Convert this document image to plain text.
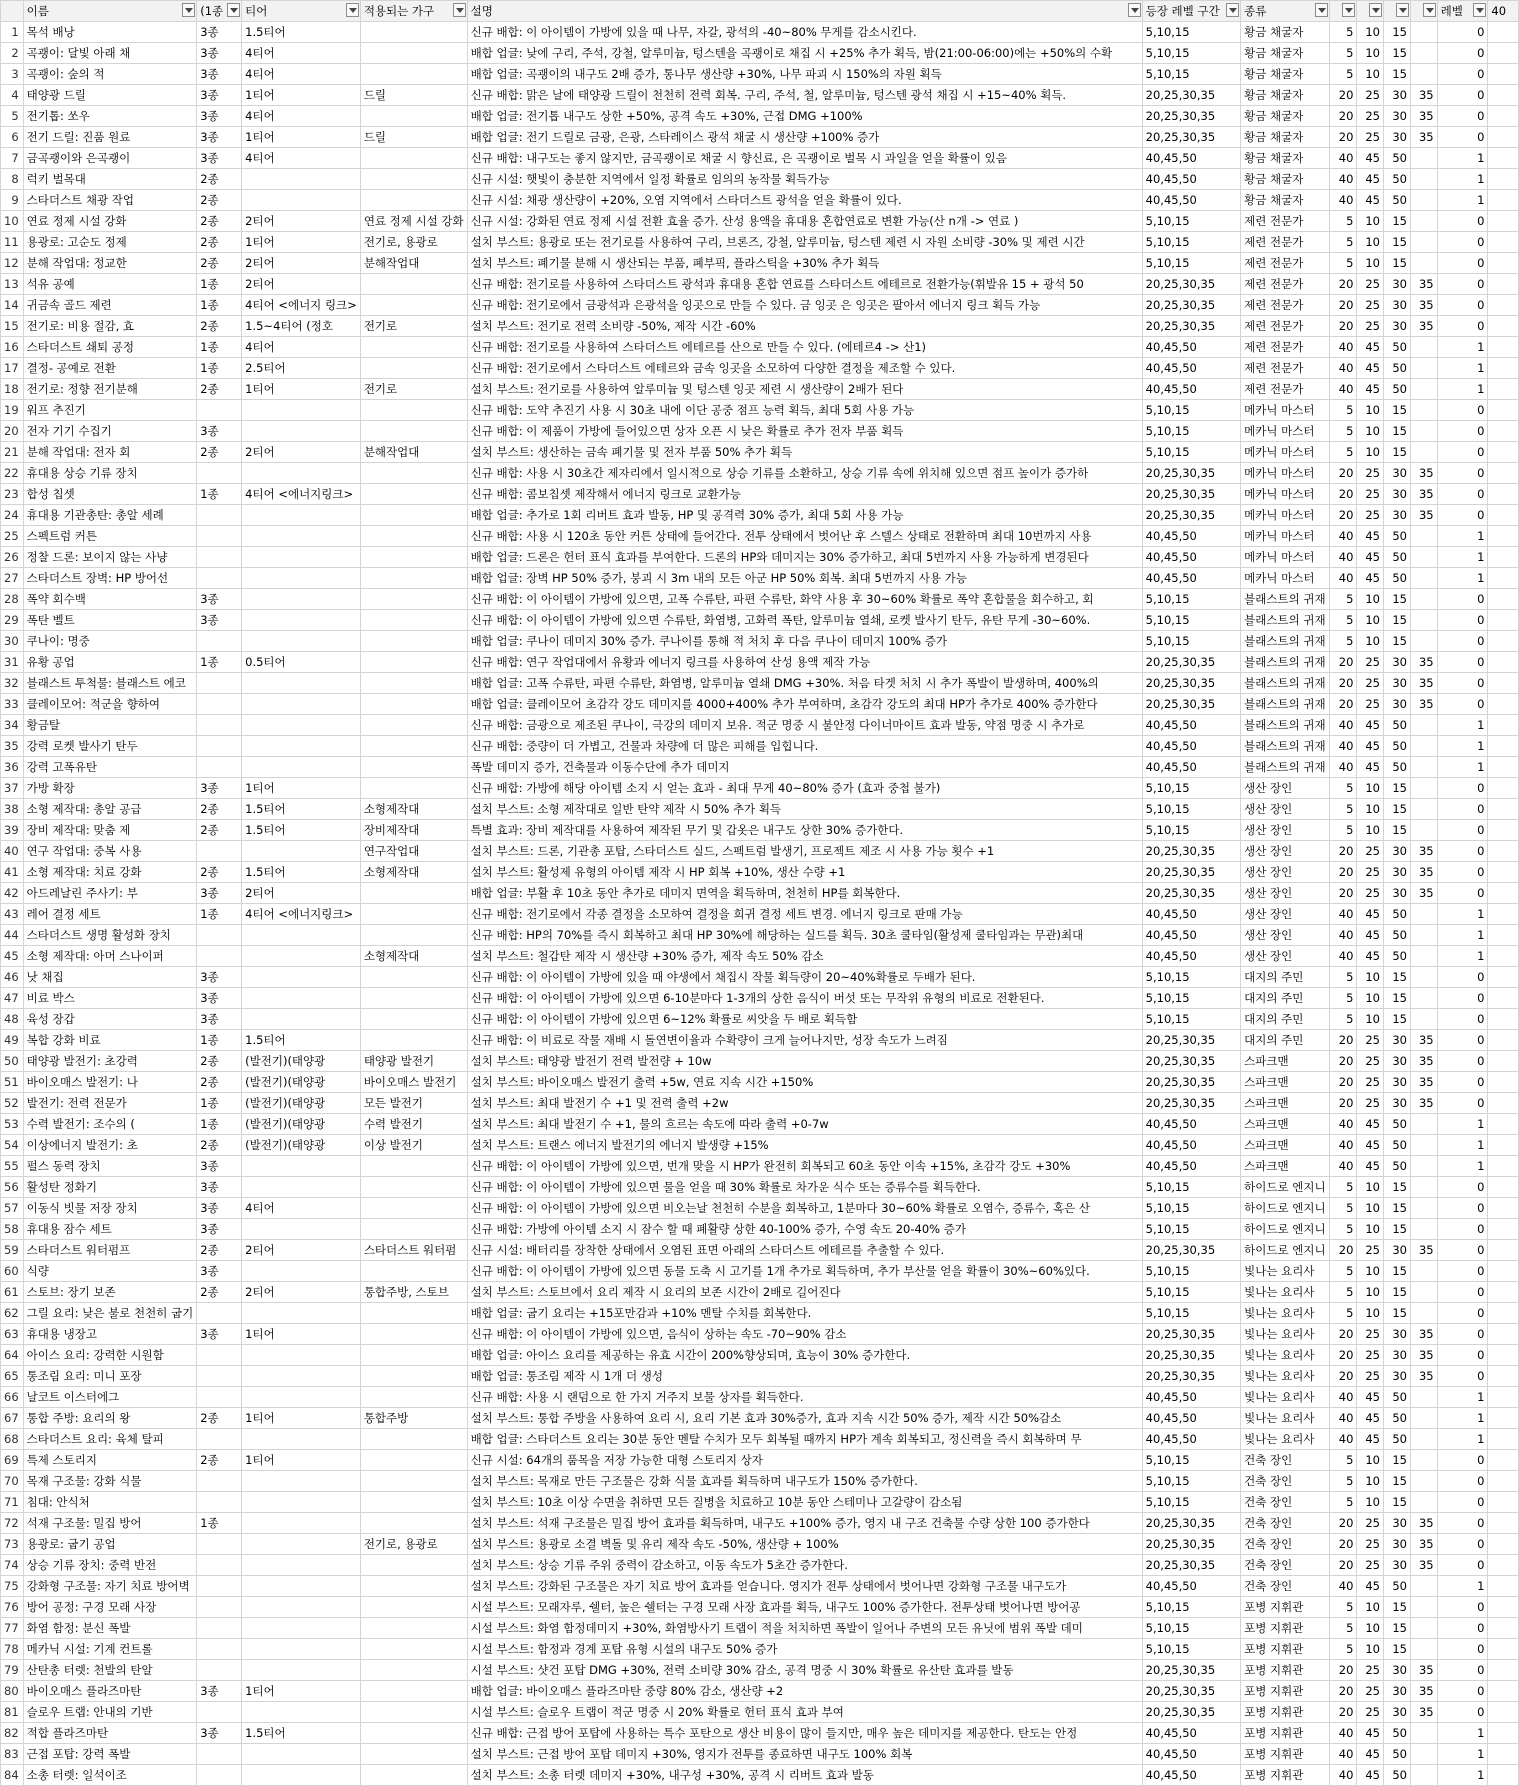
	이름	(1종	티어	적용되는 가구	설명	등장 레벨 구간	종류					레벨	40
1	목석 배낭	3종	1.5티어		신규 배합: 이 아이템이 가방에 있을 때 나무, 자갈, 광석의 -40~80% 무게를 감소시킨다.	5,10,15	황금 채굴자	5	10	15		0	
2	곡괭이: 달빛 아래 채	3종	4티어		배합 업글: 낮에 구리, 주석, 강철, 알루미늄, 텅스텐을 곡괭이로 채집 시 +25% 추가 획득, 밤(21:00-06:00)에는 +50%의 수확	5,10,15	황금 채굴자	5	10	15		0	
3	곡괭이: 숲의 적	3종	4티어		배합 업글: 곡괭이의 내구도 2배 증가, 통나무 생산량 +30%, 나무 파괴 시 150%의 자원 획득	5,10,15	황금 채굴자	5	10	15		0	
4	태양광 드릴	3종	1티어	드릴	신규 배합: 맑은 날에 태양광 드릴이 천천히 전력 회복. 구리, 주석, 철, 알루미늄, 텅스텐 광석 채집 시 +15~40% 획득.	20,25,30,35	황금 채굴자	20	25	30	35	0	
5	전기톱: 쏘우	3종	4티어		배합 업글: 전기톱 내구도 상한 +50%, 공격 속도 +30%, 근접 DMG +100%	20,25,30,35	황금 채굴자	20	25	30	35	0	
6	전기 드릴: 진품 원료	3종	1티어	드릴	배합 업글: 전기 드릴로 금광, 은광, 스타레이스 광석 채굴 시 생산량 +100% 증가	20,25,30,35	황금 채굴자	20	25	30	35	0	
7	금곡괭이와 은곡괭이	3종	4티어		신규 배합: 내구도는 좋지 않지만, 금곡괭이로 채굴 시 향신료, 은 곡괭이로 벌목 시 과일을 얻을 확률이 있음	40,45,50	황금 채굴자	40	45	50		1	
8	럭키 벌목대	2종			신규 시설: 햇빛이 충분한 지역에서 일정 확률로 임의의 농작물 획득가능	40,45,50	황금 채굴자	40	45	50		1	
9	스타더스트 채광 작업	2종			신규 시설: 채광 생산량이 +20%, 오염 지역에서 스타더스트 광석을 얻을 확률이 있다.	40,45,50	황금 채굴자	40	45	50		1	
10	연료 정제 시설 강화	2종	2티어	연료 정제 시설 강화	신규 시설: 강화된 연료 정제 시설 전환 효율 증가. 산성 용액을 휴대용 혼합연료로 변환 가능(산 n개 -> 연료 )	5,10,15	제련 전문가	5	10	15		0	
11	용광로: 고순도 정제	2종	1티어	전기로, 용광로	설치 부스트: 용광로 또는 전기로를 사용하여 구리, 브론즈, 강철, 알루미늄, 텅스텐 제련 시 자원 소비량 -30% 및 제련 시간	5,10,15	제련 전문가	5	10	15		0	
12	분해 작업대: 정교한	2종	2티어	분해작업대	설치 부스트: 폐기물 분해 시 생산되는 부품, 폐부픽, 플라스틱을 +30% 추가 획득	5,10,15	제련 전문가	5	10	15		0	
13	석유 공예	1종	2티어		신규 배합: 전기로를 사용하여 스타더스트 광석과 휴대용 혼합 연료를 스타더스트 에테르로 전환가능(휘발유 15 + 광석 50	20,25,30,35	제련 전문가	20	25	30	35	0	
14	귀금속 골드 제련	1종	4티어 <에너지 링크>		신규 배합: 전기로에서 금광석과 은광석을 잉곳으로 만들 수 있다. 금 잉곳 은 잉곳은 팔아서 에너지 링크 획득 가능	20,25,30,35	제련 전문가	20	25	30	35	0	
15	전기로: 비용 절감, 효	2종	1.5~4티어 (정호	전기로	설치 부스트: 전기로 전력 소비량 -50%, 제작 시간 -60%	20,25,30,35	제련 전문가	20	25	30	35	0	
16	스타더스트 쇄퇴 공정	1종	4티어		신규 배합: 전기로를 사용하여 스타더스트 에테르를 산으로 만들 수 있다. (에테르4 -> 산1)	40,45,50	제련 전문가	40	45	50		1	
17	결정- 공예로 전환	1종	2.5티어		신규 배합: 전기로에서 스타더스트 에테르와 금속 잉곳을 소모하여 다양한 결정을 제조할 수 있다.	40,45,50	제련 전문가	40	45	50		1	
18	전기로: 정향 전기분해	2종	1티어	전기로	설치 부스트: 전기로를 사용하여 알루미늄 및 텅스텐 잉곳 제련 시 생산량이 2배가 된다	40,45,50	제련 전문가	40	45	50		1	
19	워프 추진기				신규 배합: 도약 추진기 사용 시 30초 내에 이단 공중 점프 능력 획득, 최대 5회 사용 가능	5,10,15	메카닉 마스터	5	10	15		0	
20	전자 기기 수집기	3종			신규 배합: 이 제품이 가방에 들어있으면 상자 오픈 시 낮은 확률로 추가 전자 부품 획득	5,10,15	메카닉 마스터	5	10	15		0	
21	분해 작업대: 전자 회	2종	2티어	분해작업대	설치 부스트: 생산하는 금속 폐기물 및 전자 부품 50% 추가 획득	5,10,15	메카닉 마스터	5	10	15		0	
22	휴대용 상승 기류 장치				신규 배합: 사용 시 30초간 제자리에서 일시적으로 상승 기류를 소환하고, 상승 기류 속에 위치해 있으면 점프 높이가 증가하	20,25,30,35	메카닉 마스터	20	25	30	35	0	
23	합성 칩셋	1종	4티어 <에너지링크>		신규 배합: 콤보칩셋 제작해서 에너지 링크로 교환가능	20,25,30,35	메카닉 마스터	20	25	30	35	0	
24	휴대용 기관총탄: 총알 세례				배합 업글: 추가로 1회 리버트 효과 발동, HP 및 공격력 30% 증가, 최대 5회 사용 가능	20,25,30,35	메카닉 마스터	20	25	30	35	0	
25	스펙트럼 커튼				신규 배합: 사용 시 120초 동안 커튼 상태에 들어간다. 전투 상태에서 벗어난 후 스텔스 상태로 전환하며 최대 10번까지 사용	40,45,50	메카닉 마스터	40	45	50		1	
26	정찰 드론: 보이지 않는 사냥				배합 업글: 드론은 헌터 표식 효과를 부여한다. 드론의 HP와 데미지는 30% 증가하고, 최대 5번까지 사용 가능하게 변경된다	40,45,50	메카닉 마스터	40	45	50		1	
27	스타더스트 장벽: HP 방어선				배합 업글: 장벽 HP 50% 증가, 붕괴 시 3m 내의 모든 아군 HP 50% 회복. 최대 5번까지 사용 가능	40,45,50	메카닉 마스터	40	45	50		1	
28	폭약 회수백	3종			신규 배합: 이 아이템이 가방에 있으면, 고폭 수류탄, 파편 수류탄, 화약 사용 후 30~60% 확률로 폭약 혼합물을 회수하고, 회	5,10,15	블래스트의 귀재	5	10	15		0	
29	폭탄 벨트	3종			신규 배합: 이 아이템이 가방에 있으면 수류탄, 화염병, 고화력 폭탄, 알루미늄 열쇄, 로켓 발사기 탄두, 유탄 무게 -30~60%.	5,10,15	블래스트의 귀재	5	10	15		0	
30	쿠나이: 명중				배합 업글: 쿠나이 데미지 30% 증가. 쿠나이를 통해 적 처치 후 다음 쿠나이 데미지 100% 증가	5,10,15	블래스트의 귀재	5	10	15		0	
31	유황 공업	1종	0.5티어		신규 배합: 연구 작업대에서 유황과 에너지 링크를 사용하여 산성 용액 제작 가능	20,25,30,35	블래스트의 귀재	20	25	30	35	0	
32	블래스트 투척물: 블래스트 에코				배합 업글: 고폭 수류탄, 파편 수류탄, 화염병, 알루미늄 열쇄 DMG +30%. 처음 타겟 처치 시 추가 폭발이 발생하며, 400%의	20,25,30,35	블래스트의 귀재	20	25	30	35	0	
33	클레이모어: 적군을 향하여				배합 업글: 클레이모어 초감각 강도 데미지를 4000+400% 추가 부여하며, 초감각 강도의 최대 HP가 추가로 400% 증가한다	20,25,30,35	블래스트의 귀재	20	25	30	35	0	
34	황금탈				신규 배합: 금광으로 제조된 쿠나이, 극강의 데미지 보유. 적군 명중 시 불안정 다이너마이트 효과 발동, 약점 명중 시 추가로	40,45,50	블래스트의 귀재	40	45	50		1	
35	강력 로켓 발사기 탄두				신규 배합: 중량이 더 가볍고, 건물과 차량에 더 많은 피해를 입힙니다.	40,45,50	블래스트의 귀재	40	45	50		1	
36	강력 고폭유탄				폭발 데미지 증가, 건축물과 이동수단에 추가 데미지	40,45,50	블래스트의 귀재	40	45	50		1	
37	가방 확장	3종	1티어		신규 배합: 가방에 해당 아이템 소지 시 얻는 효과 - 최대 무게 40~80% 증가 (효과 중첩 불가)	5,10,15	생산 장인	5	10	15		0	
38	소형 제작대: 총알 공급	2종	1.5티어	소형제작대	설치 부스트: 소형 제작대로 일반 탄약 제작 시 50% 추가 획득	5,10,15	생산 장인	5	10	15		0	
39	장비 제작대: 맞춤 제	2종	1.5티어	장비제작대	특별 효과: 장비 제작대를 사용하여 제작된 무기 및 갑옷은 내구도 상한 30% 증가한다.	5,10,15	생산 장인	5	10	15		0	
40	연구 작업대: 중복 사용			연구작업대	설치 부스트: 드론, 기관총 포탑, 스타더스트 실드, 스펙트럼 발생기, 프로젝트 제조 시 사용 가능 횟수 +1	20,25,30,35	생산 장인	20	25	30	35	0	
41	소형 제작대: 치료 강화	2종	1.5티어	소형제작대	설치 부스트: 활성제 유형의 아이템 제작 시 HP 회복 +10%, 생산 수량 +1	20,25,30,35	생산 장인	20	25	30	35	0	
42	아드레날린 주사기: 부	3종	2티어		배합 업글: 부활 후 10초 동안 추가로 데미지 면역을 획득하며, 천천히 HP를 회복한다.	20,25,30,35	생산 장인	20	25	30	35	0	
43	레어 결정 세트	1종	4티어 <에너지링크>		신규 배합: 전기로에서 각종 결정을 소모하여 결정을 희귀 결정 세트 변경. 에너지 링크로 판매 가능	40,45,50	생산 장인	40	45	50		1	
44	스타더스트 생명 활성화 장치				신규 배합: HP의 70%를 즉시 회복하고 최대 HP 30%에 해당하는 실드를 획득. 30초 쿨타임(활성제 쿨타임과는 무관)최대	40,45,50	생산 장인	40	45	50		1	
45	소형 제작대: 아머 스나이퍼			소형제작대	설치 부스트: 철갑탄 제작 시 생산량 +30% 증가, 제작 속도 50% 감소	40,45,50	생산 장인	40	45	50		1	
46	낫 채집	3종			신규 배합: 이 아이템이 가방에 있을 때 야생에서 채집시 작물 획득량이 20~40%확률로 두배가 된다.	5,10,15	대지의 주민	5	10	15		0	
47	비료 박스	3종			신규 배합: 이 아이템이 가방에 있으면 6-10분마다 1-3개의 상한 음식이 버섯 또는 무작위 유형의 비료로 전환된다.	5,10,15	대지의 주민	5	10	15		0	
48	육성 장갑	3종			신규 배합: 이 아이템이 가방에 있으면 6~12% 확률로 씨앗을 두 배로 획득함	5,10,15	대지의 주민	5	10	15		0	
49	복합 강화 비료	1종	1.5티어		신규 배합: 이 비료로 작물 재배 시 돌연변이율과 수확량이 크게 늘어나지만, 성장 속도가 느려짐	20,25,30,35	대지의 주민	20	25	30	35	0	
50	태양광 발전기: 초강력	2종	(발전기)(태양광	태양광 발전기	설치 부스트: 태양광 발전기 전력 발전량 + 10w	20,25,30,35	스파크맨	20	25	30	35	0	
51	바이오매스 발전기: 나	2종	(발전기)(태양광	바이오매스 발전기	설치 부스트: 바이오매스 발전기 출력 +5w, 연료 지속 시간 +150%	20,25,30,35	스파크맨	20	25	30	35	0	
52	발전기: 전력 전문가	1종	(발전기)(태양광	모든 발전기	설치 부스트: 최대 발전기 수 +1 및 전력 출력 +2w	20,25,30,35	스파크맨	20	25	30	35	0	
53	수력 발전기: 조수의 (	1종	(발전기)(태양광	수력 발전기	설치 부스트: 최대 발전기 수 +1, 물의 흐르는 속도에 따라 출력 +0-7w	40,45,50	스파크맨	40	45	50		1	
54	이상에너지 발전기: 초	2종	(발전기)(태양광	이상 발전기	설치 부스트: 트랜스 에너지 발전기의 에너지 발생량 +15%	40,45,50	스파크맨	40	45	50		1	
55	펄스 동력 장치	3종			신규 배합: 이 아이템이 가방에 있으면, 번개 맞을 시 HP가 완전히 회복되고 60초 동안 이속 +15%, 초감각 강도 +30%	40,45,50	스파크맨	40	45	50		1	
56	활성탄 정화기	3종			신규 배합: 이 아이템이 가방에 있으면 물을 얻을 때 30% 확률로 차가운 식수 또는 증류수를 획득한다.	5,10,15	하이드로 엔지니	5	10	15		0	
57	이동식 빗물 저장 장치	3종	4티어		신규 배합: 이 아이템이 가방에 있으면 비오는날 천천히 수분을 회복하고, 1분마다 30~60% 확률로 오염수, 증류수, 혹은 산	5,10,15	하이드로 엔지니	5	10	15		0	
58	휴대용 잠수 세트	3종			신규 배합: 가방에 아이템 소지 시 잠수 할 때 폐활량 상한 40-100% 증가, 수영 속도 20-40% 증가	5,10,15	하이드로 엔지니	5	10	15		0	
59	스타더스트 워터펌프	2종	2티어	스타더스트 워터펌	신규 시설: 배터리를 장착한 상태에서 오염된 표면 아래의 스타더스트 에테르를 추출할 수 있다.	20,25,30,35	하이드로 엔지니	20	25	30	35	0	
60	식량	3종			신규 배합: 이 아이템이 가방에 있으면 동물 도축 시 고기를 1개 추가로 획득하며, 추가 부산물 얻을 확률이 30%~60%있다.	5,10,15	빛나는 요리사	5	10	15		0	
61	스토브: 장기 보존	2종	2티어	통합주방, 스토브	설치 부스트: 스토브에서 요리 제작 시 요리의 보존 시간이 2배로 길어진다	5,10,15	빛나는 요리사	5	10	15		0	
62	그릴 요리: 낮은 불로 천천히 굽기				배합 업글: 굽기 요리는 +15포만감과 +10% 멘탈 수치를 회복한다.	5,10,15	빛나는 요리사	5	10	15		0	
63	휴대용 냉장고	3종	1티어		신규 배합: 이 아이템이 가방에 있으면, 음식이 상하는 속도 -70~90% 감소	20,25,30,35	빛나는 요리사	20	25	30	35	0	
64	아이스 요리: 강력한 시원함				배합 업글: 아이스 요리를 제공하는 유효 시간이 200%향상되며, 효능이 30% 증가한다.	20,25,30,35	빛나는 요리사	20	25	30	35	0	
65	통조림 요리: 미니 포장				배합 업글: 통조림 제작 시 1개 더 생성	20,25,30,35	빛나는 요리사	20	25	30	35	0	
66	날코트 이스터에그				신규 배합: 사용 시 랜덤으로 한 가지 거주지 보물 상자를 획득한다.	40,45,50	빛나는 요리사	40	45	50		1	
67	통합 주방: 요리의 왕	2종	1티어	통합주방	설치 부스트: 통합 주방을 사용하여 요리 시, 요리 기본 효과 30%증가, 효과 지속 시간 50% 증가, 제작 시간 50%감소	40,45,50	빛나는 요리사	40	45	50		1	
68	스타더스트 요리: 육체 탈피				배합 업글: 스타더스트 요리는 30분 동안 멘탈 수치가 모두 회복될 때까지 HP가 계속 회복되고, 정신력을 즉시 회복하며 무	40,45,50	빛나는 요리사	40	45	50		1	
69	특제 스토리지	2종	1티어		신규 시설: 64개의 품목을 저장 가능한 대형 스토리지 상자	5,10,15	건축 장인	5	10	15		0	
70	목재 구조물: 강화 식물				설치 부스트: 목재로 만든 구조물은 강화 식물 효과를 획득하며 내구도가 150% 증가한다.	5,10,15	건축 장인	5	10	15		0	
71	침대: 안식처				설치 부스트: 10초 이상 수면을 취하면 모든 질병을 치료하고 10분 동안 스테미나 고갈량이 감소됨	5,10,15	건축 장인	5	10	15		0	
72	석재 구조물: 밀집 방어	1종			설치 부스트: 석재 구조물은 밀집 방어 효과를 획득하며, 내구도 +100% 증가, 영지 내 구조 건축물 수량 상한 100 증가한다	20,25,30,35	건축 장인	20	25	30	35	0	
73	용광로: 굽기 공업			전기로, 용광로	설치 부스트: 용광로 소결 벽돌 및 유리 제작 속도 -50%, 생산량 + 100%	20,25,30,35	건축 장인	20	25	30	35	0	
74	상승 기류 장치: 중력 반전				설치 부스트: 상승 기류 주위 중력이 감소하고, 이동 속도가 5초간 증가한다.	20,25,30,35	건축 장인	20	25	30	35	0	
75	강화형 구조물: 자기 치료 방어벽				설치 부스트: 강화된 구조물은 자기 치료 방어 효과를 얻습니다. 영지가 전투 상태에서 벗어나면 강화형 구조물 내구도가	40,45,50	건축 장인	40	45	50		1	
76	방어 공정: 구경 모래 사장				시설 부스트: 모래자루, 쉘터, 높은 쉘터는 구경 모래 사장 효과를 획득, 내구도 100% 증가한다. 전투상태 벗어나면 방어공	5,10,15	포병 지휘관	5	10	15		0	
77	화염 함정: 분신 폭발				시설 부스트: 화염 함정데미지 +30%, 화염방사기 트랩이 적을 처치하면 폭발이 일어나 주변의 모든 유닛에 범위 폭발 데미	5,10,15	포병 지휘관	5	10	15		0	
78	메카닉 시설: 기계 컨트롤				시설 부스트: 함정과 경계 포탑 유형 시설의 내구도 50% 증가	5,10,15	포병 지휘관	5	10	15		0	
79	산탄총 터렛: 천발의 탄알				시설 부스트: 샷건 포탑 DMG +30%, 전력 소비량 30% 감소, 공격 명중 시 30% 확률로 유산탄 효과를 발동	20,25,30,35	포병 지휘관	20	25	30	35	0	
80	바이오매스 플라즈마탄	3종	1티어		배합 업글: 바이오매스 플라즈마탄 중량 80% 감소, 생산량 +2	20,25,30,35	포병 지휘관	20	25	30	35	0	
81	슬로우 트랩: 안내의 기반				시설 부스트: 슬로우 트랩이 적군 명중 시 20% 확률로 헌터 표식 효과 부여	20,25,30,35	포병 지휘관	20	25	30	35	0	
82	적합 플라즈마탄	3종	1.5티어		신규 배합: 근접 방어 포탑에 사용하는 특수 포탄으로 생산 비용이 많이 들지만, 매우 높은 데미지를 제공한다. 탄도는 안정	40,45,50	포병 지휘관	40	45	50		1	
83	근접 포탑: 강력 폭발				설치 부스트: 근접 방어 포탑 데미지 +30%, 영지가 전투를 종료하면 내구도 100% 회복	40,45,50	포병 지휘관	40	45	50		1	
84	소총 터렛: 일석이조				설치 부스트: 소총 터렛 데미지 +30%, 내구성 +30%, 공격 시 리버트 효과 발동	40,45,50	포병 지휘관	40	45	50		1	
